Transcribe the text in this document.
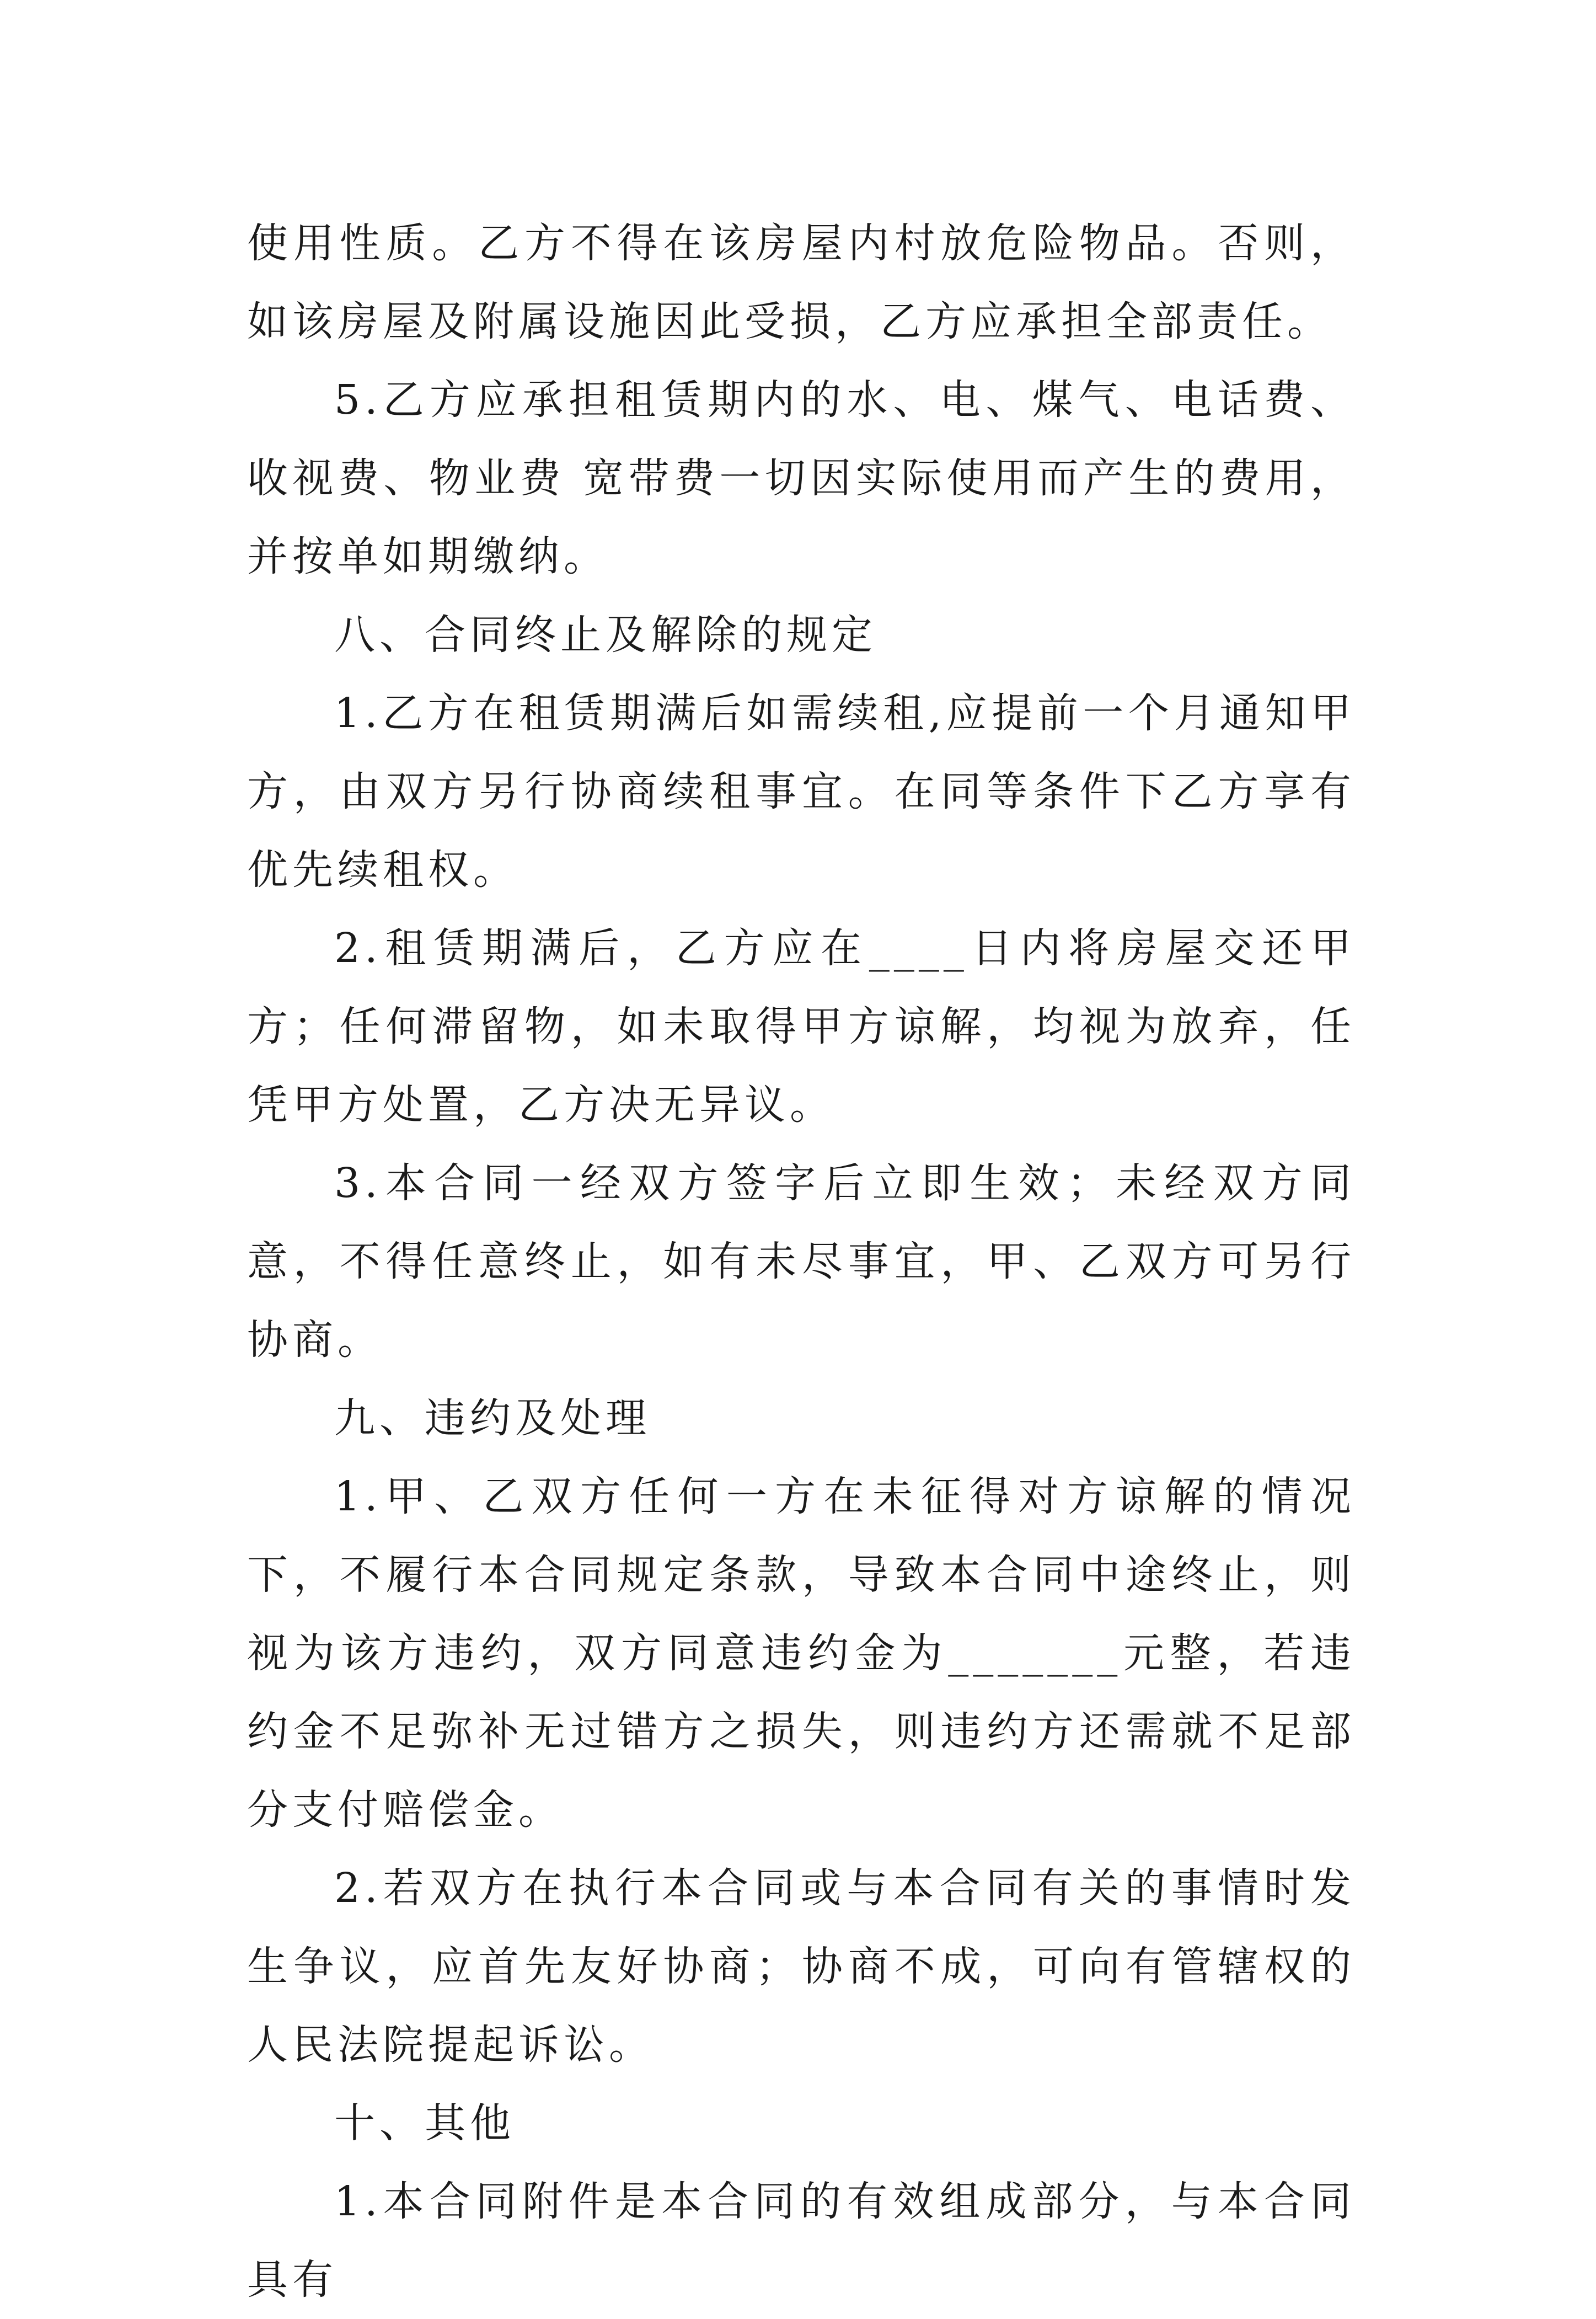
使用性质。乙方不得在该房屋内村放危险物品。否则，如该房屋及附属设施因此受损，乙方应承担全部责任。

5.乙方应承担租赁期内的水、电、煤气、电话费、收视费、物业费 宽带费一切因实际使用而产生的费用，并按单如期缴纳。

八、合同终止及解除的规定

1.乙方在租赁期满后如需续租,应提前一个月通知甲方，由双方另行协商续租事宜。在同等条件下乙方享有优先续租权。

2.租赁期满后，乙方应在____日内将房屋交还甲方；任何滞留物，如未取得甲方谅解，均视为放弃，任凭甲方处置，乙方决无异议。

3.本合同一经双方签字后立即生效；未经双方同意，不得任意终止，如有未尽事宜，甲、乙双方可另行协商。

九、违约及处理

1.甲、乙双方任何一方在未征得对方谅解的情况下，不履行本合同规定条款，导致本合同中途终止，则视为该方违约，双方同意违约金为_______元整，若违约金不足弥补无过错方之损失，则违约方还需就不足部分支付赔偿金。

2.若双方在执行本合同或与本合同有关的事情时发生争议，应首先友好协商；协商不成，可向有管辖权的人民法院提起诉讼。

十、其他

1.本合同附件是本合同的有效组成部分，与本合同具有
